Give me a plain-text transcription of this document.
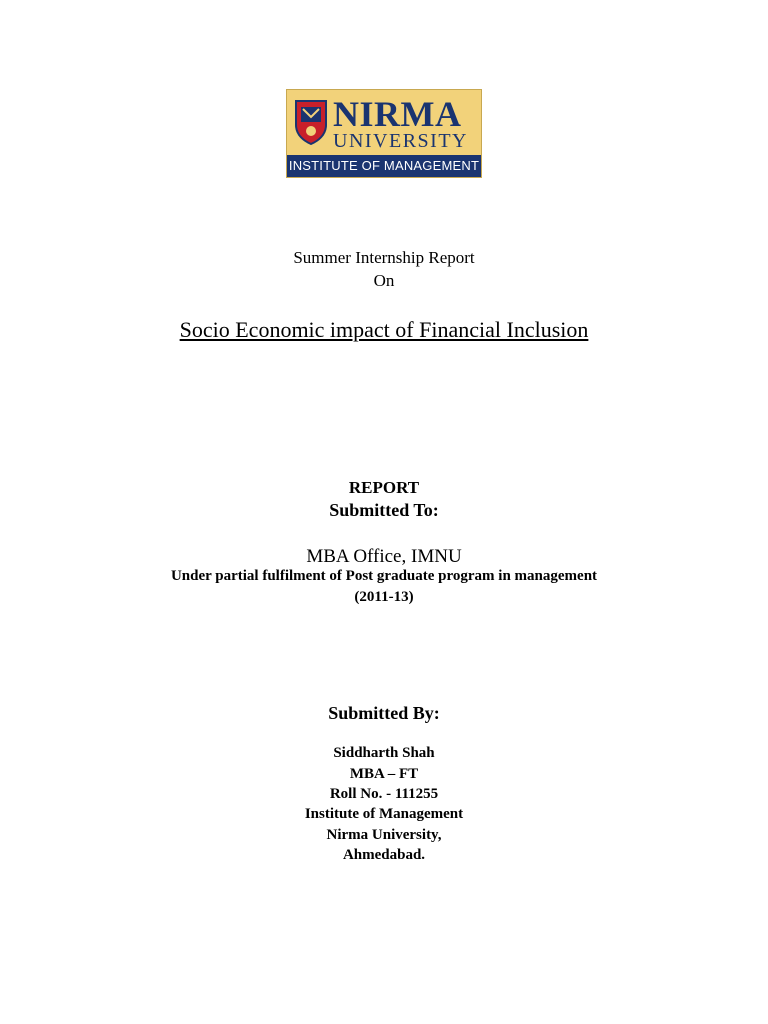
NIRMA
UNIVERSITY
INSTITUTE OF MANAGEMENT
Summer Internship Report
On
Socio Economic impact of Financial Inclusion
REPORT
Submitted To:
MBA Office, IMNU
Under partial fulfilment of Post graduate program in management
(2011-13)
Submitted By:
Siddharth Shah
MBA – FT
Roll No. - 111255
Institute of Management
Nirma University,
Ahmedabad.
